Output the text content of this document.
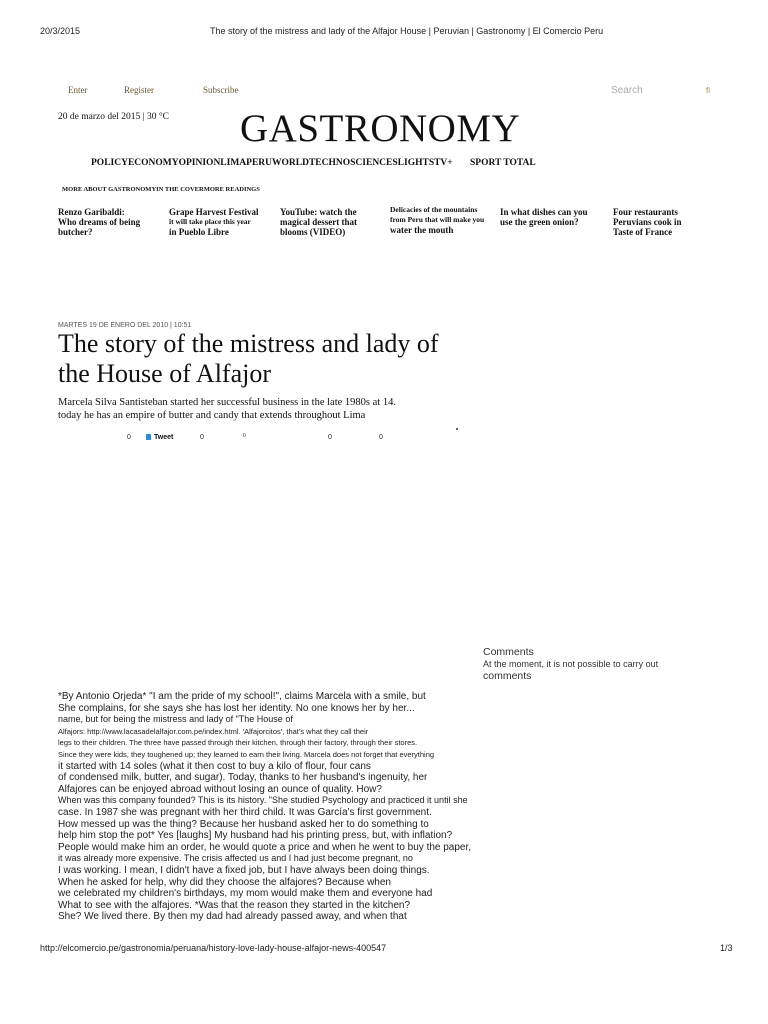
20/3/2015	The story of the mistress and lady of the Alfajor House | Peruvian | Gastronomy | El Comercio Peru
Enter	Register	Subscribe	Search	fi
20 de marzo del 2015 | 30 °C GASTRONOMY
POLICYECONOMYOPINIONLIMAPERUWORLDTECHNOSCIENCESLIGHTSTV+ SPORT TOTAL
MORE ABOUT GASTRONOMYIN THE COVERMORE READINGS
Renzo Garibaldi:
Who dreams of being
butcher?
Grape Harvest Festival
it will take place this year
in Pueblo Libre
YouTube: watch the
magical dessert that
blooms (VIDEO)
Delicacies of the mountains
from Peru that will make you
water the mouth
In what dishes can you
use the green onion?
Four restaurants
Peruvians cook in
Taste of France
MARTES 19 DE ENERO DEL 2010 | 10:51
The story of the mistress and lady of
the House of Alfajor
Marcela Silva Santisteban started her successful business in the late 1980s at 14.
today he has an empire of butter and candy that extends throughout Lima
0	Tweet	0	0	0	0
Comments
At the moment, it is not possible to carry out
comments
*By Antonio Orjeda* "I am the pride of my school!", claims Marcela with a smile, but
She complains, for she says she has lost her identity. No one knows her by her...
name, but for being the mistress and lady of "The House of
Alfajors: http://www.lacasadelalfajor.com.pe/index.html. 'Alfajorcitos', that's what they call their
legs to their children. The three have passed through their kitchen, through their factory, through their stores.
Since they were kids, they toughened up; they learned to earn their living. Marcela does not forget that everything
it started with 14 soles (what it then cost to buy a kilo of flour, four cans
of condensed milk, butter, and sugar). Today, thanks to her husband's ingenuity, her
Alfajores can be enjoyed abroad without losing an ounce of quality. How?
When was this company founded? This is its history. "She studied Psychology and practiced it until she
case. In 1987 she was pregnant with her third child. It was García's first government.
How messed up was the thing? Because her husband asked her to do something to
help him stop the pot* Yes [laughs] My husband had his printing press, but, with inflation?
People would make him an order, he would quote a price and when he went to buy the paper,
it was already more expensive. The crisis affected us and I had just become pregnant, no
I was working. I mean, I didn't have a fixed job, but I have always been doing things.
When he asked for help, why did they choose the alfajores? Because when
we celebrated my children's birthdays, my mom would make them and everyone had
What to see with the alfajores. *Was that the reason they started in the kitchen?
She? We lived there. By then my dad had already passed away, and when that
http://elcomercio.pe/gastronomia/peruana/history-love-lady-house-alfajor-news-400547	1/3
